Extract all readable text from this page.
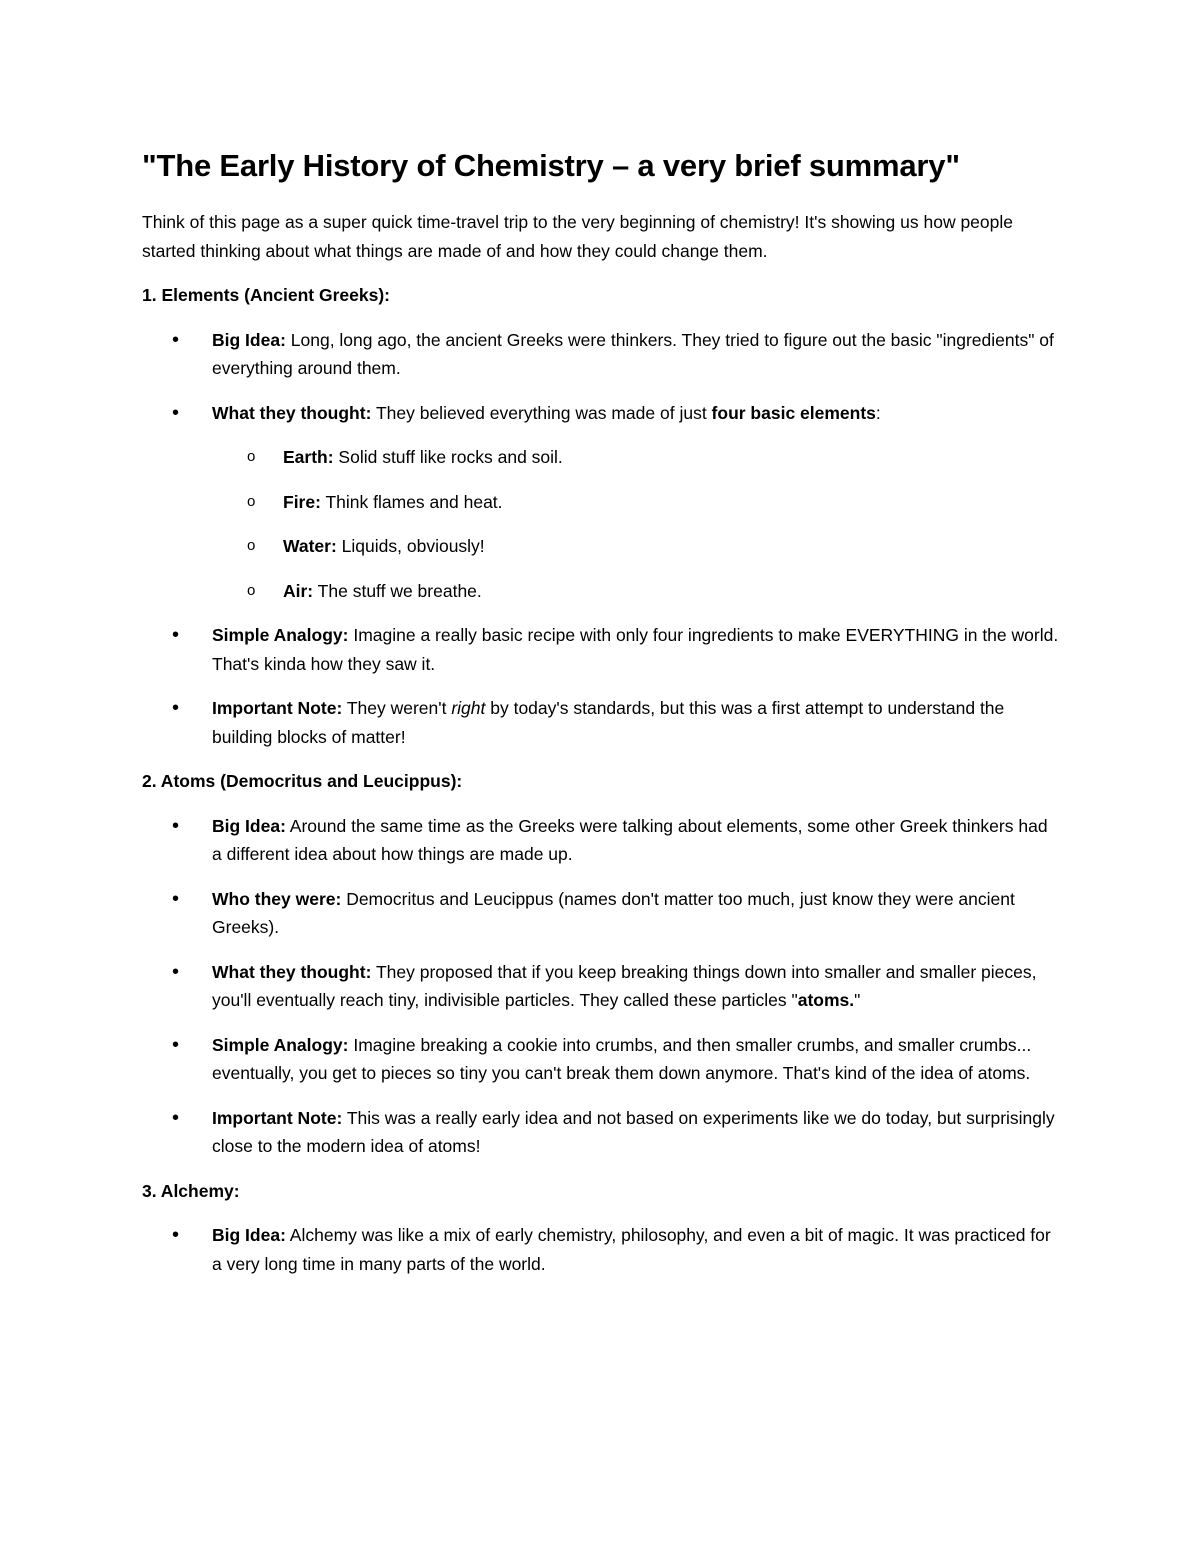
"The Early History of Chemistry – a very brief summary"

Think of this page as a super quick time-travel trip to the very beginning of chemistry! It's showing us how people started thinking about what things are made of and how they could change them.

1. Elements (Ancient Greeks):

• Big Idea: Long, long ago, the ancient Greeks were thinkers. They tried to figure out the basic "ingredients" of everything around them.
• What they thought: They believed everything was made of just four basic elements:
o Earth: Solid stuff like rocks and soil.
o Fire: Think flames and heat.
o Water: Liquids, obviously!
o Air: The stuff we breathe.
• Simple Analogy: Imagine a really basic recipe with only four ingredients to make EVERYTHING in the world. That's kinda how they saw it.
• Important Note: They weren't right by today's standards, but this was a first attempt to understand the building blocks of matter!

2. Atoms (Democritus and Leucippus):

• Big Idea: Around the same time as the Greeks were talking about elements, some other Greek thinkers had a different idea about how things are made up.
• Who they were: Democritus and Leucippus (names don't matter too much, just know they were ancient Greeks).
• What they thought: They proposed that if you keep breaking things down into smaller and smaller pieces, you'll eventually reach tiny, indivisible particles. They called these particles "atoms."
• Simple Analogy: Imagine breaking a cookie into crumbs, and then smaller crumbs, and smaller crumbs... eventually, you get to pieces so tiny you can't break them down anymore. That's kind of the idea of atoms.
• Important Note: This was a really early idea and not based on experiments like we do today, but surprisingly close to the modern idea of atoms!

3. Alchemy:

• Big Idea: Alchemy was like a mix of early chemistry, philosophy, and even a bit of magic. It was practiced for a very long time in many parts of the world.
